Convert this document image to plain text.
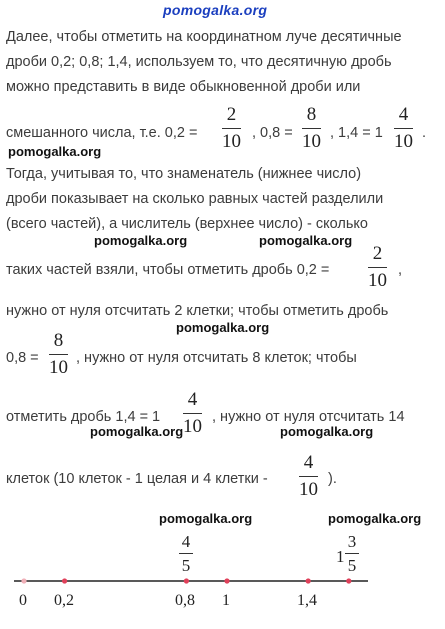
pomogalka.org
Далее, чтобы отметить на координатном луче десятичные
дроби 0,2; 0,8; 1,4, используем то, что десятичную дробь
можно представить в виде обыкновенной дроби или
смешанного числа, т.е. 0,2 =
2
10 , 0,8 =
8
10 , 1,4 = 1
4
10 .
pomogalka.org
Тогда, учитывая то, что знаменатель (нижнее число)
дроби показывает на сколько равных частей разделили
(всего частей), а числитель (верхнее число) - сколько
pomogalka.org	pomogalka.org
таких частей взяли, чтобы отметить дробь 0,2 =
2
10 ,
нужно от нуля отсчитать 2 клетки; чтобы отметить дробь
pomogalka.org
0,8 =
8
10 , нужно от нуля отсчитать 8 клеток; чтобы
отметить дробь 1,4 = 1
4
10 , нужно от нуля отсчитать 14
pomogalka.org	pomogalka.org
клеток (10 клеток - 1 целая и 4 клетки -
4
10 ).
pomogalka.org	pomogalka.org
4
5	1
3
5
0 0,2	0,8 1	1,4
